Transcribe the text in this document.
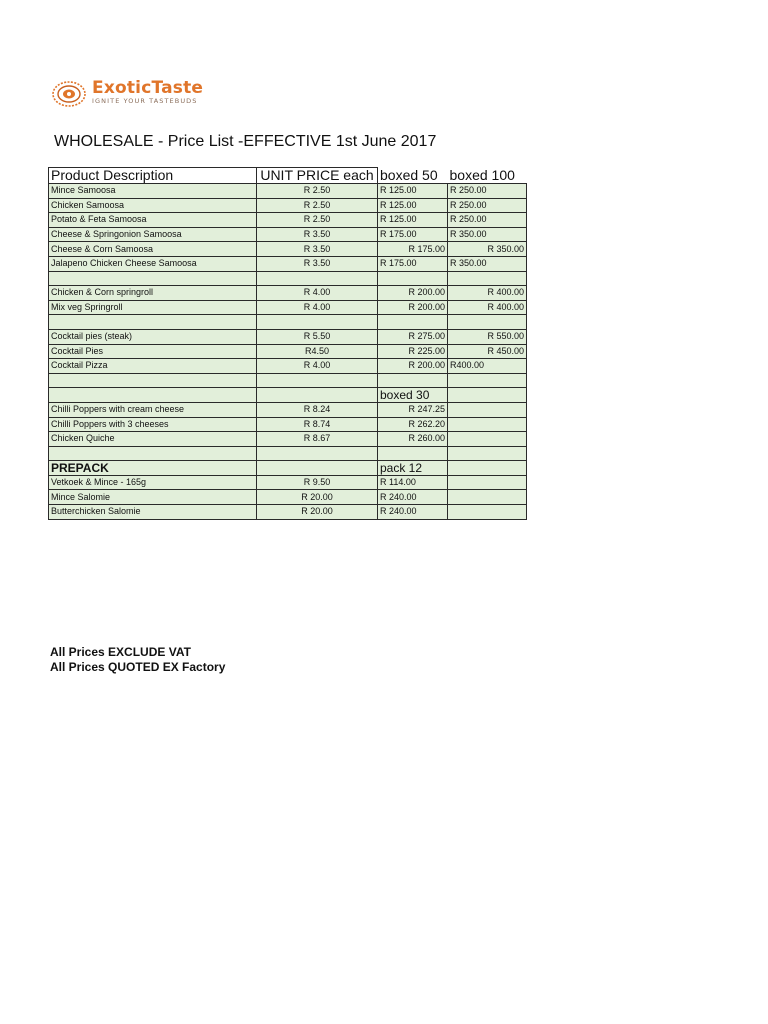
ExoticTaste
IGNITE YOUR TASTEBUDS
WHOLESALE - Price List -EFFECTIVE 1st June 2017
Product Description	UNIT PRICE each	boxed 50	boxed 100
Mince Samoosa	R 2.50	R 125.00	R 250.00
Chicken Samoosa	R 2.50	R 125.00	R 250.00
Potato & Feta Samoosa	R 2.50	R 125.00	R 250.00
Cheese & Springonion Samoosa	R 3.50	R 175.00	R 350.00
Cheese & Corn Samoosa	R 3.50	R 175.00	R 350.00
Jalapeno Chicken Cheese Samoosa	R 3.50	R 175.00	R 350.00

Chicken & Corn springroll	R 4.00	R 200.00	R 400.00
Mix veg Springroll	R 4.00	R 200.00	R 400.00

Cocktail pies (steak)	R 5.50	R 275.00	R 550.00
Cocktail Pies	R4.50	R 225.00	R 450.00
Cocktail Pizza	R 4.00	R 200.00	R400.00

		boxed 30	
Chilli Poppers with cream cheese	R 8.24	R 247.25	
Chilli Poppers with 3 cheeses	R 8.74	R 262.20	
Chicken Quiche	R 8.67	R 260.00	

PREPACK		pack 12	
Vetkoek & Mince - 165g	R 9.50	R 114.00	
Mince Salomie	R 20.00	R 240.00	
Butterchicken Salomie	R 20.00	R 240.00	
All Prices EXCLUDE VAT
All Prices QUOTED EX Factory
